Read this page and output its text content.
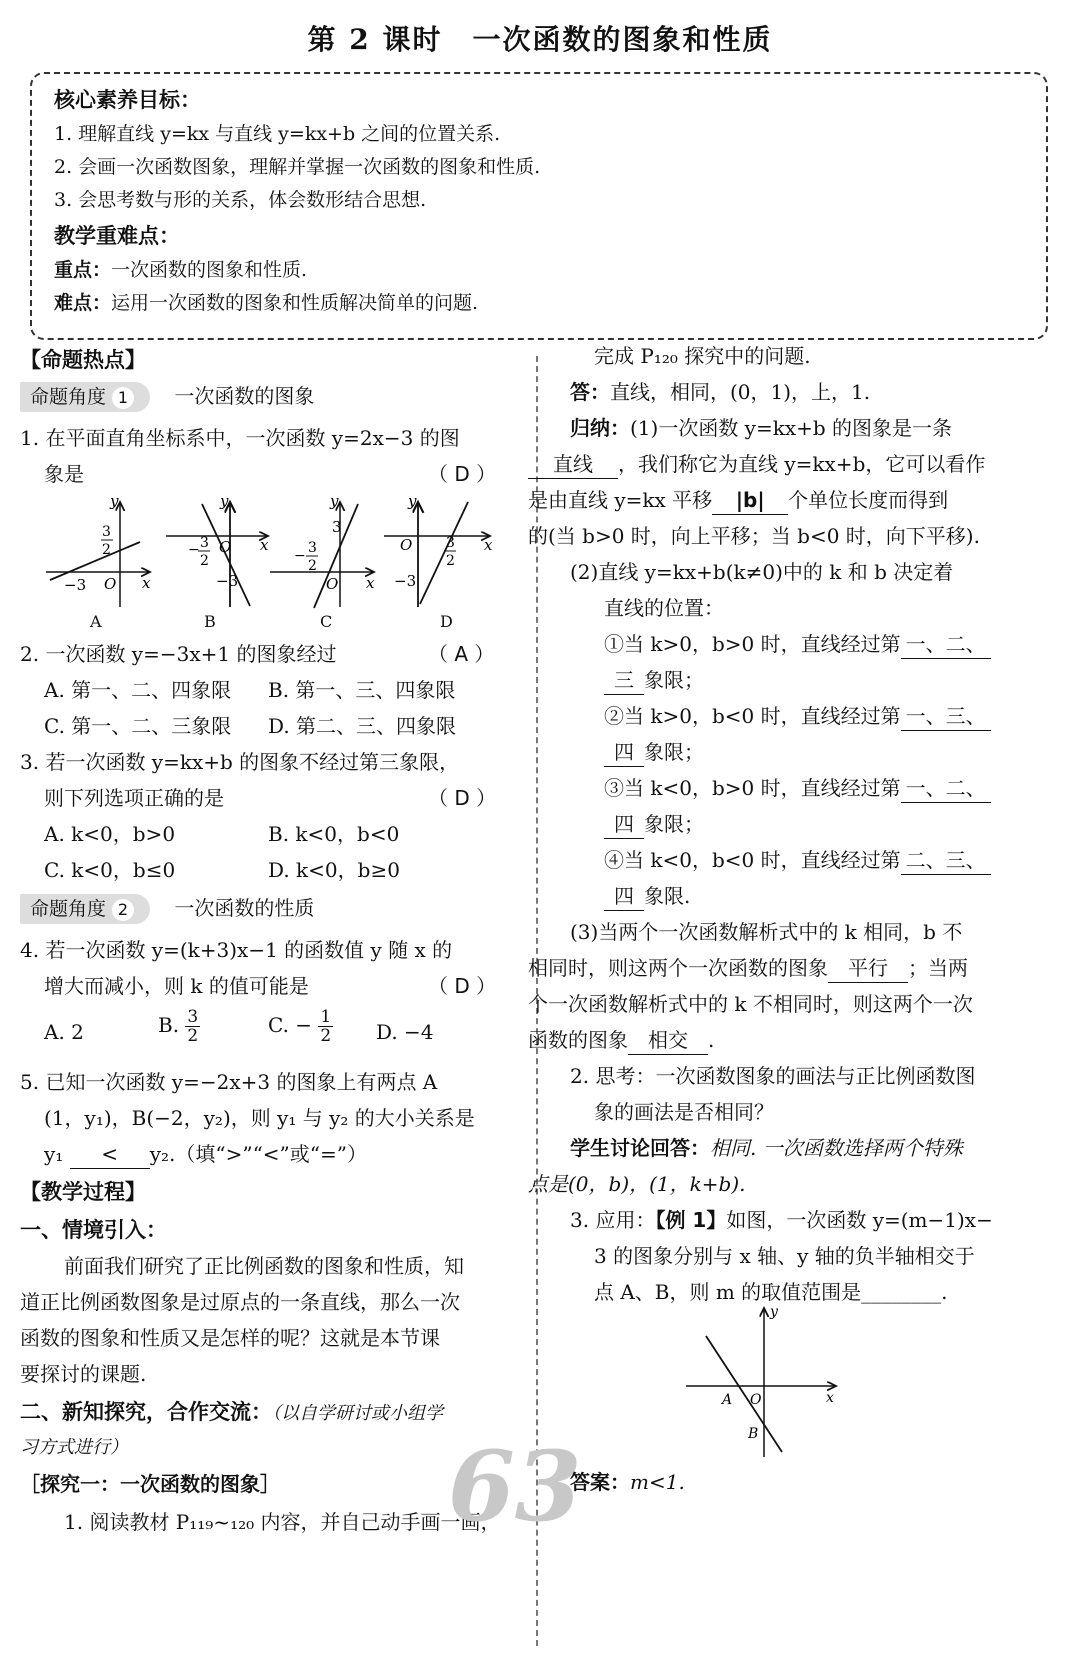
第 2 课时　一次函数的图象和性质
核心素养目标：
1. 理解直线 y=kx 与直线 y=kx+b 之间的位置关系.
2. 会画一次函数图象，理解并掌握一次函数的图象和性质.
3. 会思考数与形的关系，体会数形结合思想.
教学重难点：
重点：一次函数的图象和性质.
难点：运用一次函数的图象和性质解决简单的问题.
【命题热点】
命题角度 1 一次函数的图象
1. 在平面直角坐标系中，一次函数 y=2x−3 的图
象是	（ D ）
y
x
O
−3
3
2
y
x
O
− 3
2
−3
y
x
O
3
− 3
2
y
x
O 3
2
−3
A	B	C	D
2. 一次函数 y=−3x+1 的图象经过	（ A ）
A. 第一、二、四象限 B. 第一、三、四象限
C. 第一、二、三象限 D. 第二、三、四象限
3. 若一次函数 y=kx+b 的图象不经过第三象限，
则下列选项正确的是	（ D ）
A. k<0，b>0	B. k<0，b<0
C. k<0，b≤0	D. k<0，b≥0
命题角度 2 一次函数的性质
4. 若一次函数 y=(k+3)x−1 的函数值 y 随 x 的
增大而减小，则 k 的值可能是	（ D ）
A. 2	B. $\frac{3}{2}$	C. − $\frac{1}{2} D$. −4
5. 已知一次函数 y=−2x+3 的图象上有两点 A
(1，y₁)，B(−2，y₂)，则 y₁ 与 y₂ 的大小关系是
y₁ < y₂.（填“>”“<”或“=”）
【教学过程】
一、情境引入：
前面我们研究了正比例函数的图象和性质，知
道正比例函数图象是过原点的一条直线，那么一次
函数的图象和性质又是怎样的呢？这就是本节课
要探讨的课题.
二、新知探究，合作交流：（以自学研讨或小组学
习方式进行）
［探究一：一次函数的图象］
1. 阅读教材 P₁₁₉~₁₂₀ 内容，并自己动手画一画，
63
完成 P₁₂₀ 探究中的问题.
答：直线，相同，(0，1)，上，1.
归纳：(1)一次函数 y=kx+b 的图象是一条
直线 ，我们称它为直线 y=kx+b，它可以看作
是由直线 y=kx 平移 |b| 个单位长度而得到
的(当 b>0 时，向上平移；当 b<0 时，向下平移).
(2)直线 y=kx+b(k≠0)中的 k 和 b 决定着
直线的位置：
①当 k>0，b>0 时，直线经过第 一、二、
三 象限；
②当 k>0，b<0 时，直线经过第 一、三、
四 象限；
③当 k<0，b>0 时，直线经过第 一、二、
四 象限；
④当 k<0，b<0 时，直线经过第 二、三、
四 象限.
(3)当两个一次函数解析式中的 k 相同，b 不
相同时，则这两个一次函数的图象 平行 ；当两
个一次函数解析式中的 k 不相同时，则这两个一次
函数的图象 相交 .
2. 思考：一次函数图象的画法与正比例函数图
象的画法是否相同？
学生讨论回答：相同. 一次函数选择两个特殊
点是(0，b)，(1，k+b).
3. 应用：【例 1】如图，一次函数 y=(m−1)x−
3 的图象分别与 x 轴、y 轴的负半轴相交于
点 A、B，则 m 的取值范围是________.
y
x
A O
B
答案：m<1.
